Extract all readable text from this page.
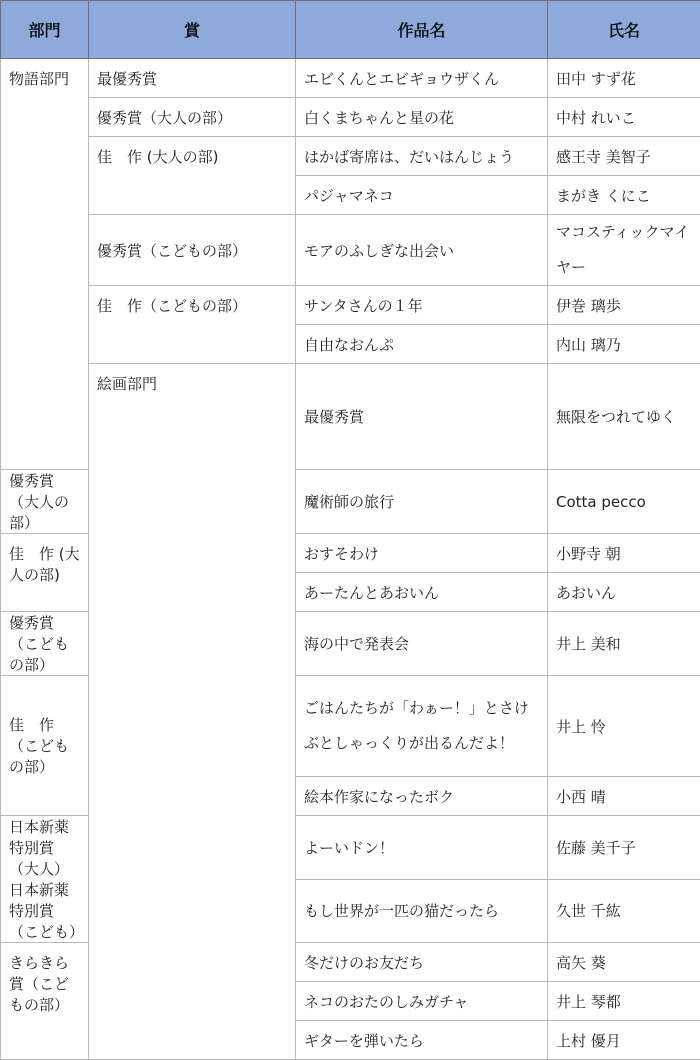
部門	賞	作品名	氏名	
物語部門	最優秀賞	エビくんとエビギョウザくん	田中 すず花	
	優秀賞（大人の部）	白くまちゃんと星の花	中村 れいこ	
	佳　作 (大人の部)	はかば寄席は、だいはんじょう	感王寺 美智子	
		パジャマネコ	まがき くにこ	
	優秀賞（こどもの部）	モアのふしぎな出会い	マコスティックマイヤー	
	佳　作（こどもの部）	サンタさんの１年	伊巻 璃歩	
		自由なおんぷ	内山 璃乃	
	絵画部門	最優秀賞	無限をつれてゆく	
優秀賞（大人の部）		魔術師の旅行	Cotta pecco	
佳　作 (大人の部)		おすそわけ	小野寺 朝	
		あーたんとあおいん	あおいん	
優秀賞（こどもの部）		海の中で発表会	井上 美和	
佳　作（こどもの部）		ごはんたちが「わぁー！」とさけぶとしゃっくりが出るんだよ！	井上 怜	
		絵本作家になったボク	小西 晴	
日本新薬特別賞（大人）		よーいドン！	佐藤 美千子	
日本新薬特別賞（こども）		もし世界が一匹の猫だったら	久世 千紘	
きらきら賞（こどもの部）		冬だけのお友だち	高矢 葵	
		ネコのおたのしみガチャ	井上 琴都	
		ギターを弾いたら	上村 優月	
